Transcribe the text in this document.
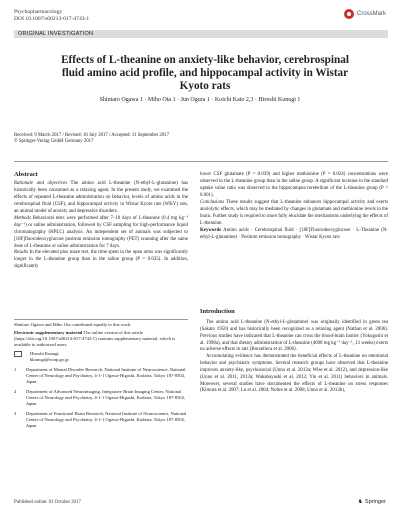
Psychopharmacology
DOI 10.1007/s00213-017-4743-1
CrossMark
ORIGINAL INVESTIGATION
Effects of L-theanine on anxiety-like behavior, cerebrospinal fluid amino acid profile, and hippocampal activity in Wistar Kyoto rats
Shintaro Ogawa 1 · Miho Ota 1 · Jun Ogura 1 · Koichi Kato 2,3 · Hiroshi Kunugi 1
Received: 9 March 2017 / Revised: 16 July 2017 / Accepted: 11 September 2017
© Springer-Verlag GmbH Germany 2017
Abstract

Rationale and objectives The amino acid L-theanine (N-ethyl-L-glutamine) has historically been consumed as a relaxing agent. In the present study, we examined the effects of repeated L-theanine administration on behavior, levels of amino acids in the cerebrospinal fluid (CSF), and hippocampal activity in Wistar Kyoto rats (WKY) rats, an animal model of anxiety and depressive disorders.

Methods Behavioral tests were performed after 7–10 days of L-theanine (0.4 mg kg⁻¹ day⁻¹) or saline administration, followed by CSF sampling for high-performance liquid chromatography (HPLC) analysis. An independent set of animals was subjected to [18F]fluorodeoxyglucose positron emission tomography (PET) scanning after the same dose of L-theanine or saline administration for 7 days.

Results In the elevated plus maze test, the time spent in the open arms was significantly longer in the L-theanine group than in the saline group (P = 0.035). In addition, significantly

lower CSF glutamate (P = 0.039) and higher methionine (P = 0.024) concentrations were observed in the L-theanine group than in the saline group. A significant increase in the standard uptake value ratio was observed in the hippocampus/cerebellum of the L-theanine group (P < 0.001).

Conclusions These results suggest that L-theanine enhances hippocampal activity and exerts anxiolytic effects, which may be mediated by changes in glutamate and methionine levels in the brain. Further study is required to more fully elucidate the mechanisms underlying the effects of L-theanine.

Keywords Amino acids · Cerebrospinal fluid · [18F]Fluorodeoxyglucose · L-Theanine (N-ethyl-L-glutamine) · Positron emission tomography · Wistar Kyoto rats

Shintaro Ogawa and Miho Ota contributed equally to this work.

Electronic supplementary material The online version of this article (https://doi.org/10.1007/s00213-017-4743-1) contains supplementary material, which is available to authorized users.

Hiroshi Kunugi
hkunugi@ncnp.go.jp
1	Department of Mental Disorder Research, National Institute of Neuroscience, National Center of Neurology and Psychiatry, 4-1-1 Ogawa-Higashi, Kodaira, Tokyo 187-8502, Japan
2	Department of Advanced Neuroimaging, Integrative Brain Imaging Center, National Center of Neurology and Psychiatry, 4-1-1 Ogawa-Higashi, Kodaira, Tokyo 187-8502, Japan
3	Department of Functional Brain Research, National Institute of Neuroscience, National Center of Neurology and Psychiatry, 4-1-1 Ogawa-Higashi, Kodaira, Tokyo 187-8502, Japan
Introduction

The amino acid L-theanine (N-ethyl-L-glutamine) was originally identified in green tea (Sakato 1950) and has historically been recognized as a relaxing agent (Nathan et al. 2006). Previous studies have indicated that L-theanine can cross the blood-brain barrier (Yokogoshi et al. 1998a), and that dietary administration of L-theanine (4000 mg kg⁻¹ day⁻¹, 13 weeks) exerts no adverse effects in rats (Borzelleca et al. 2006).

Accumulating evidence has demonstrated the beneficial effects of L-theanine on emotional behavior and psychiatric symptoms. Several research groups have observed that L-theanine improves anxiety-like, psychosocial (Unno et al. 2013a; Wise et al. 2012), and depression-like (Unno et al. 2011, 2013a; Wakabayashi et al. 2012; Yin et al. 2011) behaviors in animals. Moreover, several studies have documented the effects of L-theanine on stress responses (Kimura et al. 2007; Lu et al. 2004; Nobre et al. 2008; Unno et al. 2013b),

Published online: 03 October 2017	♞ Springer
